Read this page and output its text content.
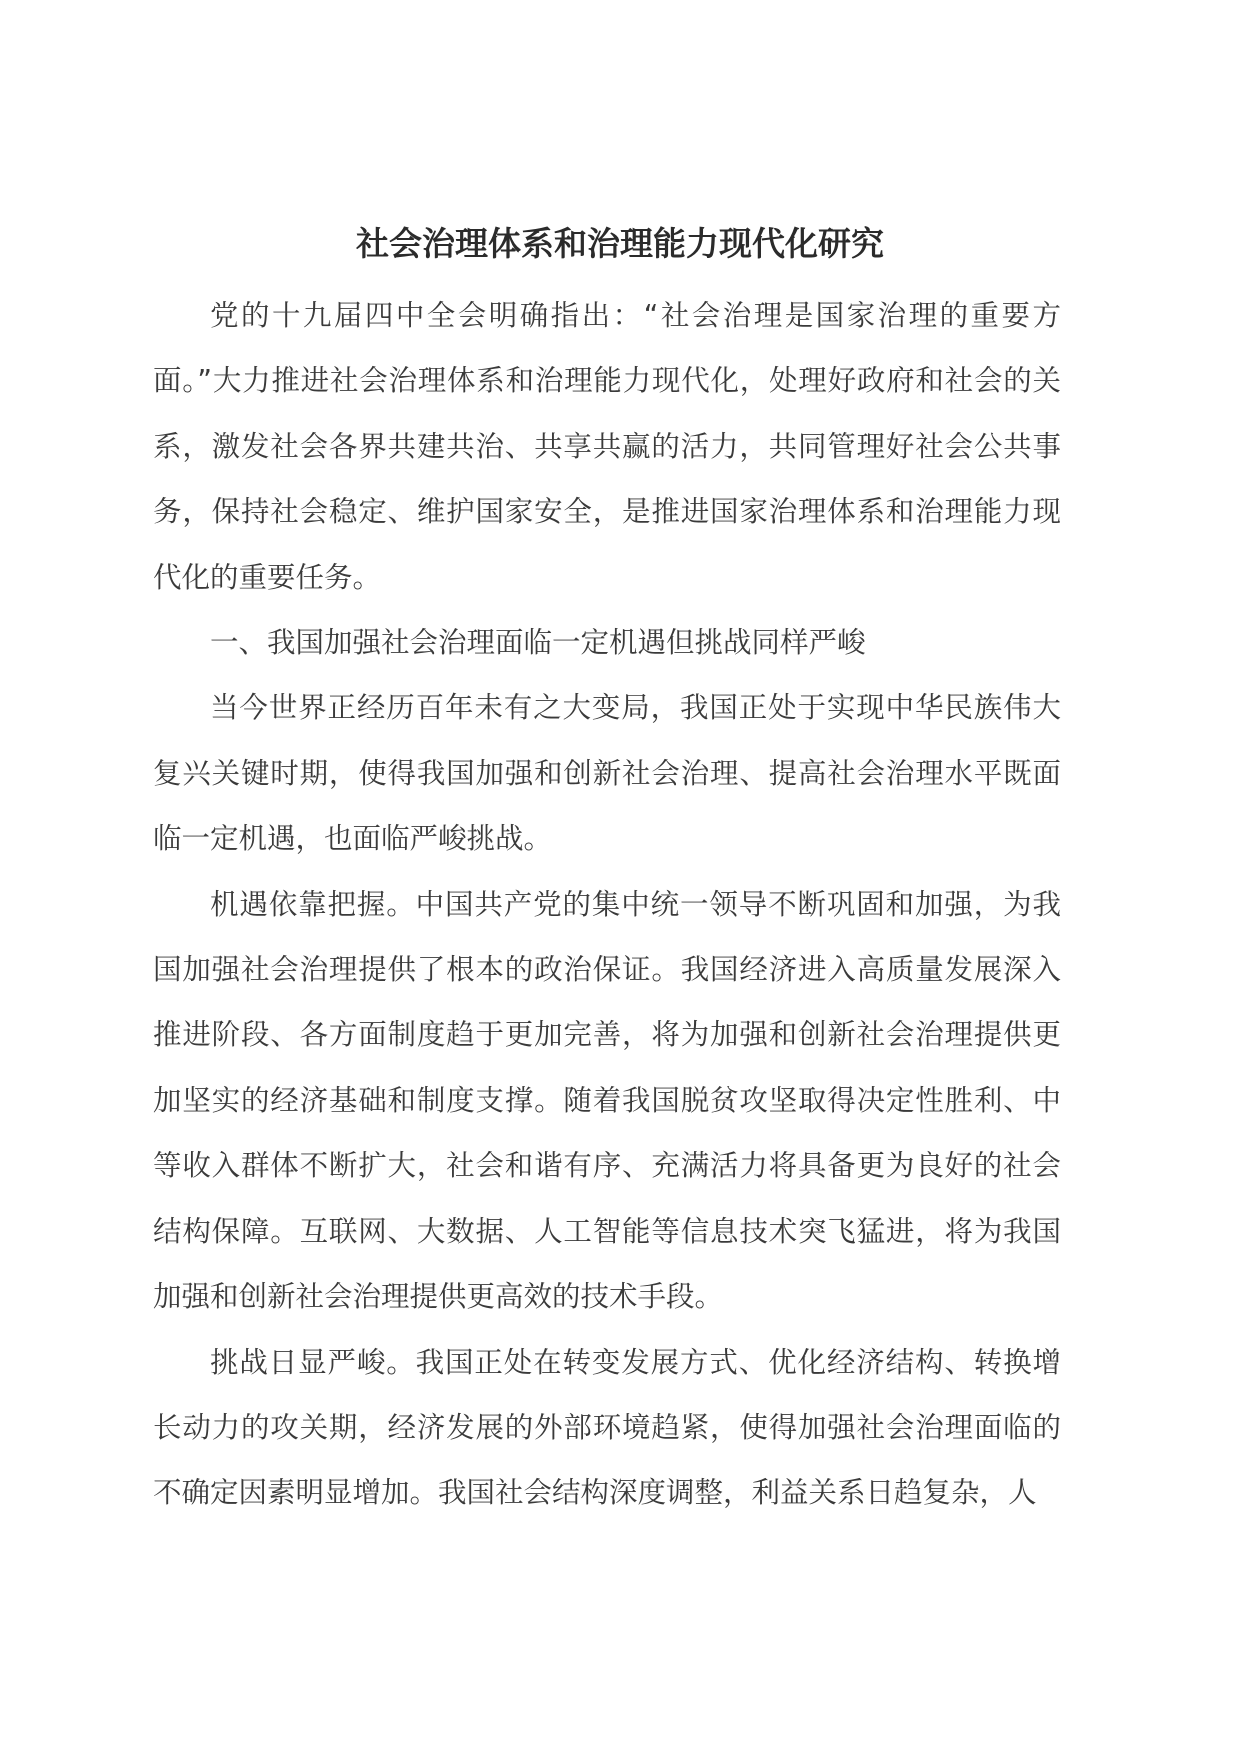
社会治理体系和治理能力现代化研究

党的十九届四中全会明确指出：“社会治理是国家治理的重要方面。”大力推进社会治理体系和治理能力现代化，处理好政府和社会的关系，激发社会各界共建共治、共享共赢的活力，共同管理好社会公共事务，保持社会稳定、维护国家安全，是推进国家治理体系和治理能力现代化的重要任务。

一、我国加强社会治理面临一定机遇但挑战同样严峻

当今世界正经历百年未有之大变局，我国正处于实现中华民族伟大复兴关键时期，使得我国加强和创新社会治理、提高社会治理水平既面临一定机遇，也面临严峻挑战。

机遇依靠把握。中国共产党的集中统一领导不断巩固和加强，为我国加强社会治理提供了根本的政治保证。我国经济进入高质量发展深入推进阶段、各方面制度趋于更加完善，将为加强和创新社会治理提供更加坚实的经济基础和制度支撑。随着我国脱贫攻坚取得决定性胜利、中等收入群体不断扩大，社会和谐有序、充满活力将具备更为良好的社会结构保障。互联网、大数据、人工智能等信息技术突飞猛进，将为我国加强和创新社会治理提供更高效的技术手段。

挑战日显严峻。我国正处在转变发展方式、优化经济结构、转换增长动力的攻关期，经济发展的外部环境趋紧，使得加强社会治理面临的不确定因素明显增加。我国社会结构深度调整，利益关系日趋复杂，人
